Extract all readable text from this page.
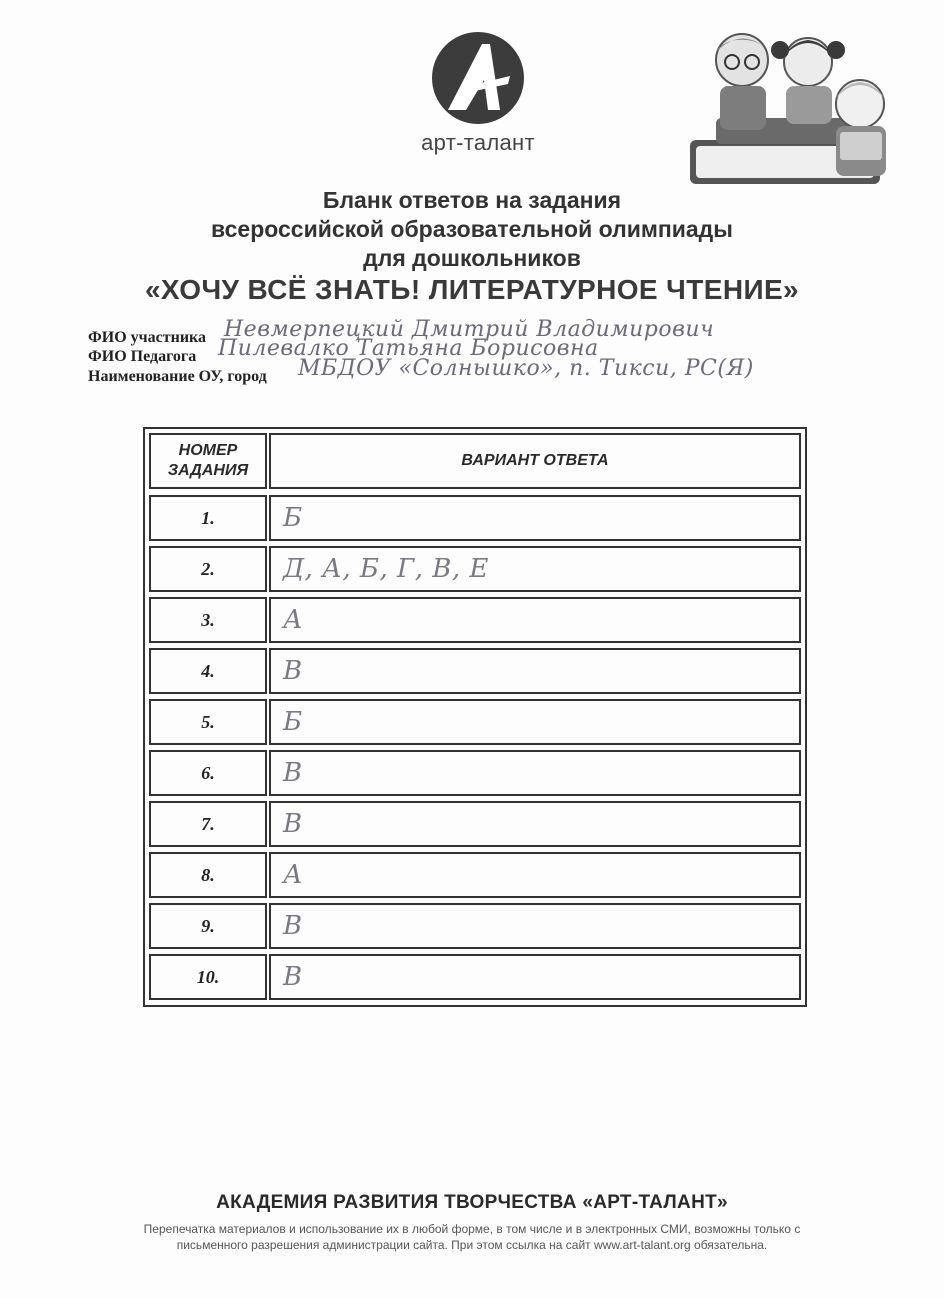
арт-талант
Бланк ответов на задания
всероссийской образовательной олимпиады
для дошкольников
«ХОЧУ ВСЁ ЗНАТЬ! ЛИТЕРАТУРНОЕ ЧТЕНИЕ»
ФИО участника Невмерпецкий Дмитрий Владимирович
ФИО Педагога Пилевалко Татьяна Борисовна
Наименование ОУ, город МБДОУ «Солнышко», п. Тикси, РС(Я)
НОМЕР
ЗАДАНИЯ
ВАРИАНТ ОТВЕТА
1.	Б
2.	Д, А, Б, Г, В, Е
3.	А
4.	В
5.	Б
6.	В
7.	В
8.	А
9.	В
10.	В
АКАДЕМИЯ РАЗВИТИЯ ТВОРЧЕСТВА «АРТ-ТАЛАНТ»
Перепечатка материалов и использование их в любой форме, в том числе и в электронных СМИ, возможны только с
письменного разрешения администрации сайта. При этом ссылка на сайт www.art-talant.org обязательна.
